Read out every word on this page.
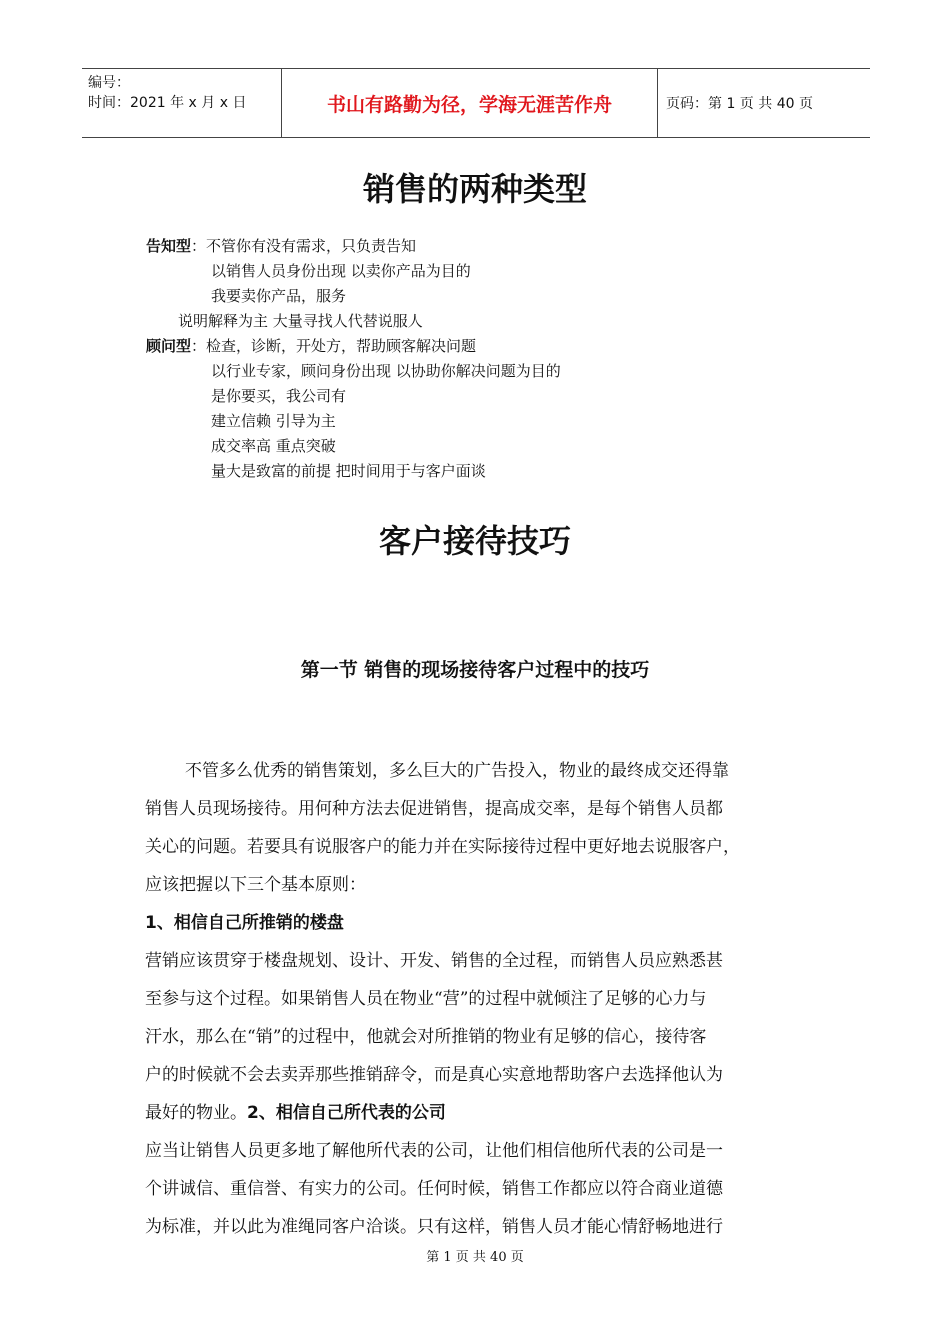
编号：
时间：2021 年 x 月 x 日	书山有路勤为径，学海无涯苦作舟	页码：第 1 页 共 40 页
销售的两种类型
告知型：不管你有没有需求，只负责告知
以销售人员身份出现 以卖你产品为目的
我要卖你产品，服务
说明解释为主 大量寻找人代替说服人
顾问型：检查，诊断，开处方，帮助顾客解决问题
以行业专家，顾问身份出现 以协助你解决问题为目的
是你要买，我公司有
建立信赖 引导为主
成交率高 重点突破
量大是致富的前提 把时间用于与客户面谈
客户接待技巧
第一节 销售的现场接待客户过程中的技巧
不管多么优秀的销售策划，多么巨大的广告投入，物业的最终成交还得靠
销售人员现场接待。用何种方法去促进销售，提高成交率，是每个销售人员都
关心的问题。若要具有说服客户的能力并在实际接待过程中更好地去说服客户，
应该把握以下三个基本原则：
1、相信自己所推销的楼盘
营销应该贯穿于楼盘规划、设计、开发、销售的全过程，而销售人员应熟悉甚
至参与这个过程。如果销售人员在物业“营”的过程中就倾注了足够的心力与
汗水，那么在“销”的过程中，他就会对所推销的物业有足够的信心，接待客
户的时候就不会去卖弄那些推销辞令，而是真心实意地帮助客户去选择他认为
最好的物业。2、相信自己所代表的公司
应当让销售人员更多地了解他所代表的公司，让他们相信他所代表的公司是一
个讲诚信、重信誉、有实力的公司。任何时候，销售工作都应以符合商业道德
为标准，并以此为准绳同客户洽谈。只有这样，销售人员才能心情舒畅地进行
第 1 页 共 40 页
